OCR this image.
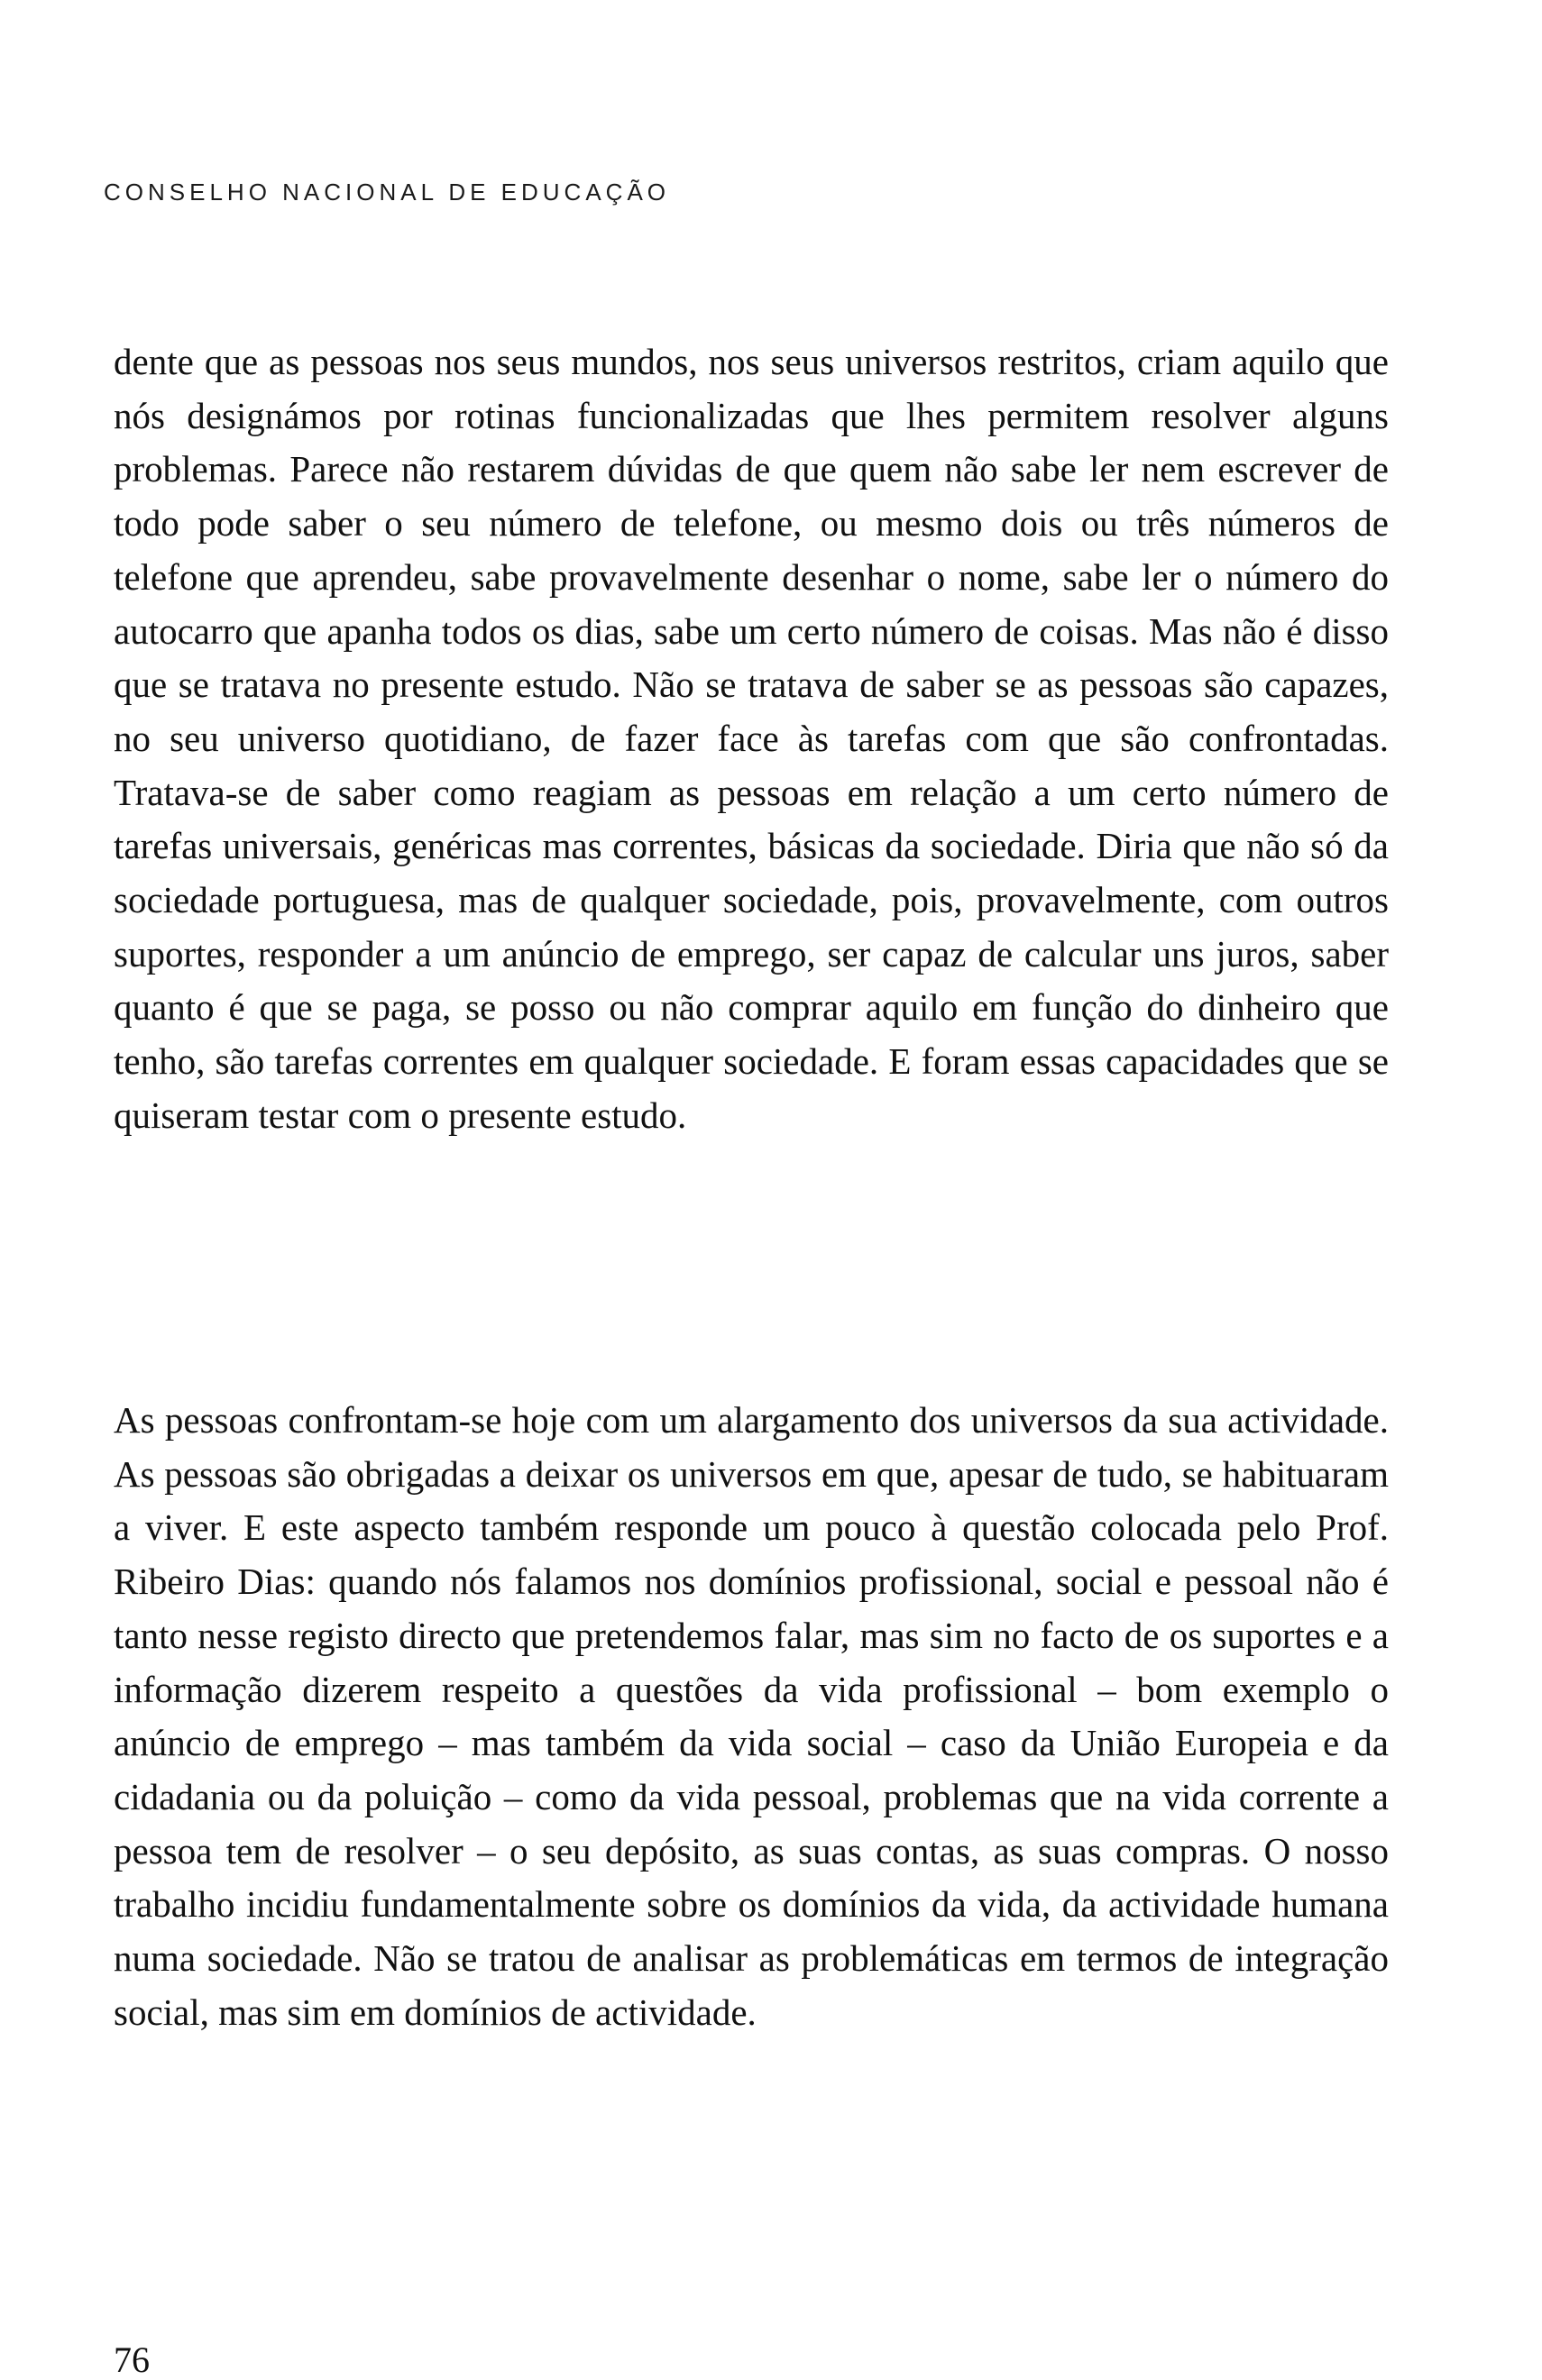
CONSELHO NACIONAL DE EDUCAÇÃO

dente que as pessoas nos seus mundos, nos seus universos restritos, criam aquilo que nós designámos por rotinas funcionalizadas que lhes permitem resolver alguns problemas. Parece não restarem dúvidas de que quem não sabe ler nem escrever de todo pode saber o seu número de telefone, ou mesmo dois ou três números de telefone que aprendeu, sabe provavelmente desenhar o nome, sabe ler o número do autocarro que apanha todos os dias, sabe um certo número de coisas. Mas não é disso que se tratava no presente estudo. Não se tratava de saber se as pessoas são capazes, no seu universo quotidiano, de fazer face às tarefas com que são confrontadas. Tratava-se de saber como reagiam as pessoas em relação a um certo número de tarefas universais, genéricas mas correntes, básicas da sociedade. Diria que não só da sociedade portuguesa, mas de qualquer sociedade, pois, provavelmente, com outros suportes, responder a um anúncio de emprego, ser capaz de calcular uns juros, saber quanto é que se paga, se posso ou não comprar aquilo em função do dinheiro que tenho, são tarefas correntes em qualquer sociedade. E foram essas capacidades que se quiseram testar com o presente estudo.

As pessoas confrontam-se hoje com um alargamento dos universos da sua actividade. As pessoas são obrigadas a deixar os universos em que, apesar de tudo, se habituaram a viver. E este aspecto também responde um pouco à questão colocada pelo Prof. Ribeiro Dias: quando nós falamos nos domínios profissional, social e pessoal não é tanto nesse registo directo que pretendemos falar, mas sim no facto de os suportes e a informação dizerem respeito a questões da vida profissional – bom exemplo o anúncio de emprego – mas também da vida social – caso da União Europeia e da cidadania ou da poluição – como da vida pessoal, problemas que na vida corrente a pessoa tem de resolver – o seu depósito, as suas contas, as suas compras. O nosso trabalho incidiu fundamentalmente sobre os domínios da vida, da actividade humana numa sociedade. Não se tratou de analisar as problemáticas em termos de integração social, mas sim em domínios de actividade.

76
